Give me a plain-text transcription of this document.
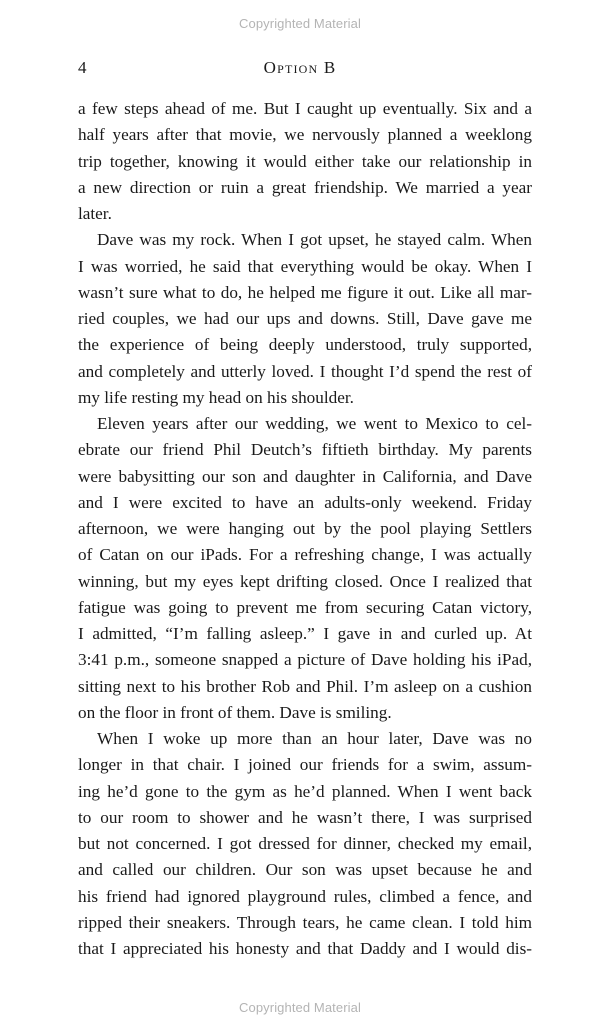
Copyrighted Material
4	Option B
a few steps ahead of me. But I caught up eventually. Six and a
half years after that movie, we nervously planned a weeklong
trip together, knowing it would either take our relationship in
a new direction or ruin a great friendship. We married a year
later.
Dave was my rock. When I got upset, he stayed calm. When
I was worried, he said that everything would be okay. When I
wasn’t sure what to do, he helped me figure it out. Like all mar-
ried couples, we had our ups and downs. Still, Dave gave me
the experience of being deeply understood, truly supported,
and completely and utterly loved. I thought I’d spend the rest of
my life resting my head on his shoulder.
Eleven years after our wedding, we went to Mexico to cel-
ebrate our friend Phil Deutch’s fiftieth birthday. My parents
were babysitting our son and daughter in California, and Dave
and I were excited to have an adults-only weekend. Friday
afternoon, we were hanging out by the pool playing Settlers
of Catan on our iPads. For a refreshing change, I was actually
winning, but my eyes kept drifting closed. Once I realized that
fatigue was going to prevent me from securing Catan victory,
I admitted, “I’m falling asleep.” I gave in and curled up. At
3:41 p.m., someone snapped a picture of Dave holding his iPad,
sitting next to his brother Rob and Phil. I’m asleep on a cushion
on the floor in front of them. Dave is smiling.
When I woke up more than an hour later, Dave was no
longer in that chair. I joined our friends for a swim, assum-
ing he’d gone to the gym as he’d planned. When I went back
to our room to shower and he wasn’t there, I was surprised
but not concerned. I got dressed for dinner, checked my email,
and called our children. Our son was upset because he and
his friend had ignored playground rules, climbed a fence, and
ripped their sneakers. Through tears, he came clean. I told him
that I appreciated his honesty and that Daddy and I would dis-
Copyrighted Material
